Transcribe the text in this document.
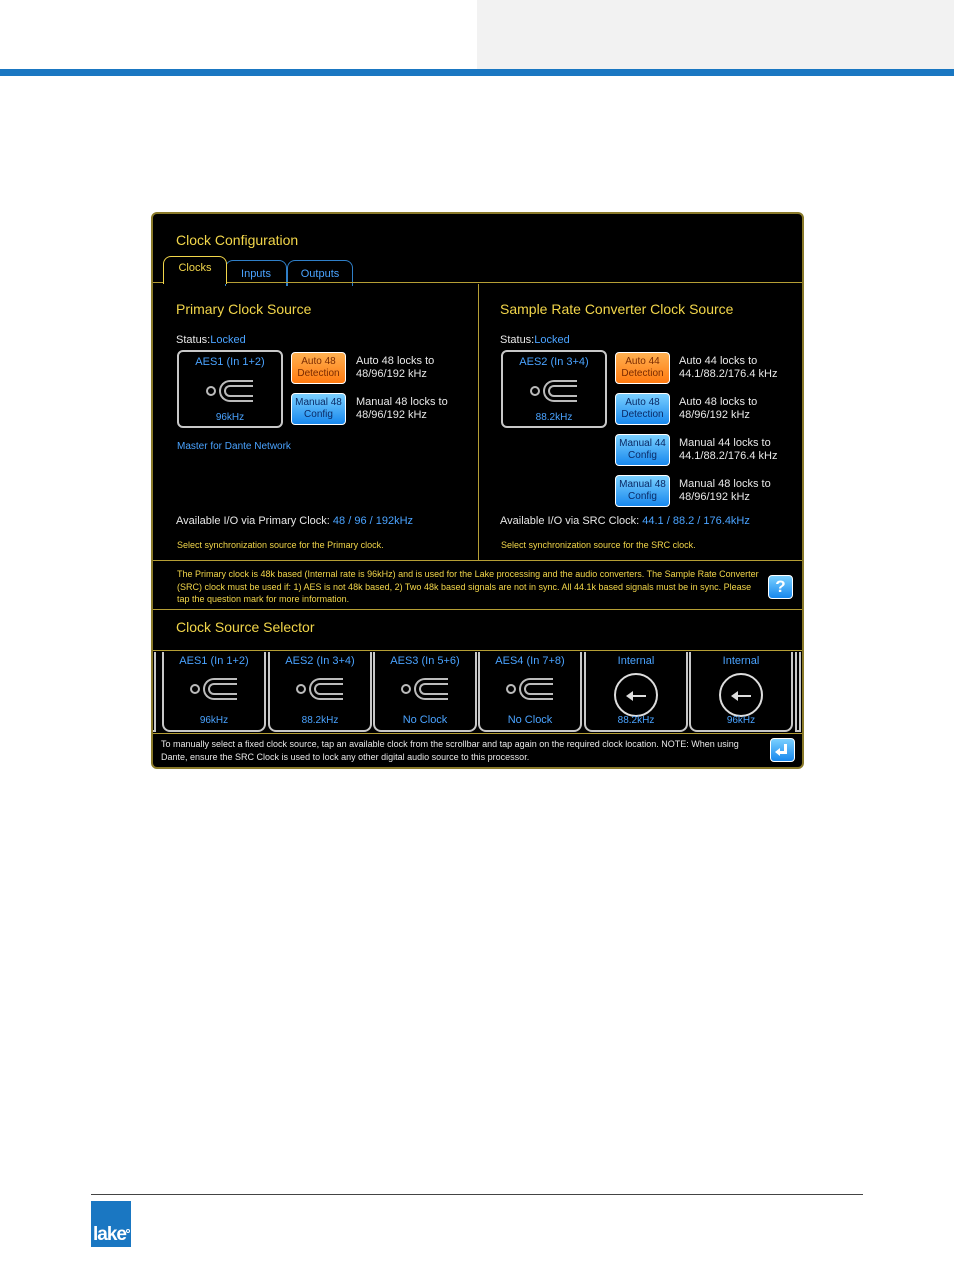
Clock Configuration
Clocks	Inputs	Outputs
Primary Clock Source
Status:Locked
AES1 (In 1+2)
96kHz
Auto 48 Detection
Auto 48 locks to 48/96/192 kHz
Manual 48 Config
Manual 48 locks to 48/96/192 kHz
Master for Dante Network
Available I/O via Primary Clock: 48 / 96 / 192kHz
Select synchronization source for the Primary clock.
Sample Rate Converter Clock Source
Status:Locked
AES2 (In 3+4)
88.2kHz
Auto 44 Detection
Auto 44 locks to 44.1/88.2/176.4 kHz
Auto 48 Detection
Auto 48 locks to 48/96/192 kHz
Manual 44 Config
Manual 44 locks to 44.1/88.2/176.4 kHz
Manual 48 Config
Manual 48 locks to 48/96/192 kHz
Available I/O via SRC Clock: 44.1 / 88.2 / 176.4kHz
Select synchronization source for the SRC clock.
The Primary clock is 48k based (Internal rate is 96kHz) and is used for the Lake processing and the audio converters. The Sample Rate Converter (SRC) clock must be used if: 1) AES is not 48k based, 2) Two 48k based signals are not in sync. All 44.1k based signals must be in sync. Please tap the question mark for more information.
?
Clock Source Selector
AES1 (In 1+2)
96kHz
AES2 (In 3+4)
88.2kHz
AES3 (In 5+6)
No Clock
AES4 (In 7+8)
No Clock
Internal
88.2kHz
Internal
96kHz
To manually select a fixed clock source, tap an available clock from the scrollbar and tap again on the required clock location. NOTE: When using Dante, ensure the SRC Clock is used to lock any other digital audio source to this processor.
lake
